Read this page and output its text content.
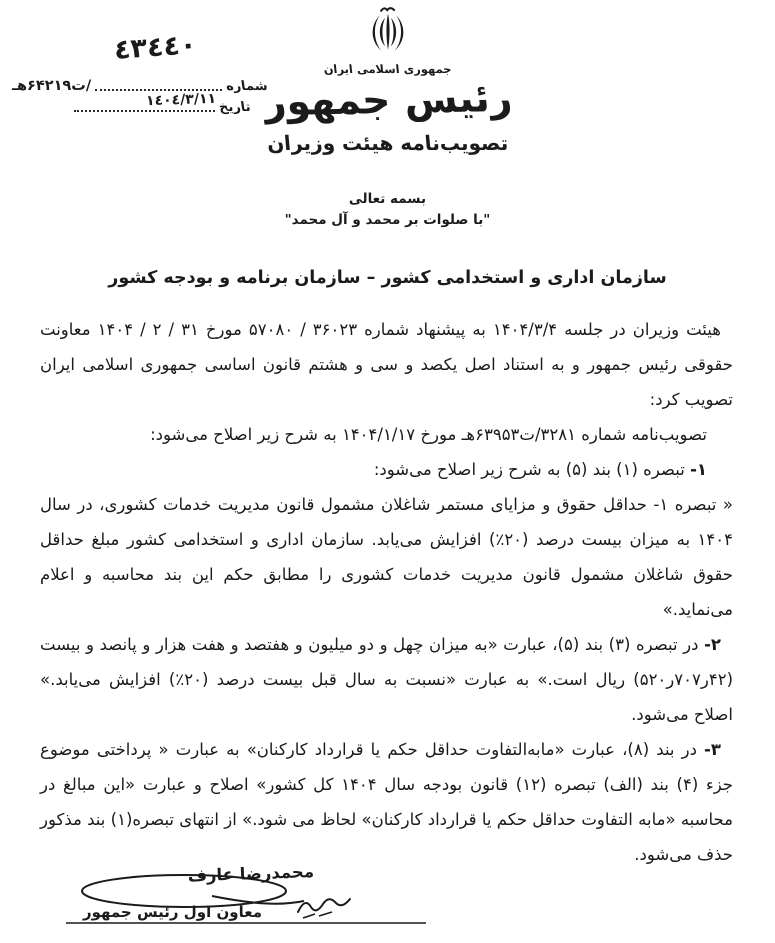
٤٣٤٤٠
شماره
/ت۶۴۲۱۹هـ
تاریخ
١٤٠٤/٣/١١
جمهوری اسلامی ایران
رئیس جمهور
تصویب‌نامه هیئت وزیران
بسمه تعالی
"با صلوات بر محمد و آل محمد"
سازمان اداری و استخدامی کشور – سازمان برنامه و بودجه کشور

هیئت وزیران در جلسه ۱۴۰۴/۳/۴ به پیشنهاد شماره ۳۶۰۲۳ / ۵۷۰۸۰ مورخ ۳۱ / ۲ / ۱۴۰۴ معاونت حقوقی رئیس جمهور و به استناد اصل یکصد و سی و هشتم قانون اساسی جمهوری اسلامی ایران تصویب کرد:

تصویب‌نامه شماره ۳۲۸۱/ت۶۳۹۵۳هـ مورخ ۱۴۰۴/۱/۱۷ به شرح زیر اصلاح می‌شود:

۱- تبصره (۱) بند (۵) به شرح زیر اصلاح می‌شود:

« تبصره ۱- حداقل حقوق و مزایای مستمر شاغلان مشمول قانون مدیریت خدمات کشوری، در سال ۱۴۰۴ به میزان بیست درصد (۲۰٪) افزایش می‌یابد. سازمان اداری و استخدامی کشور مبلغ حداقل حقوق شاغلان مشمول قانون مدیریت خدمات کشوری را مطابق حکم این بند محاسبه و اعلام می‌نماید.»

۲- در تبصره (۳) بند (۵)، عبارت «به میزان چهل و دو میلیون و هفتصد و هفت هزار و پانصد و بیست (۴۲ر۷۰۷ر۵۲۰) ریال است.» به عبارت «نسبت به سال قبل بیست درصد (۲۰٪) افزایش می‌یابد.» اصلاح می‌شود.

۳- در بند (۸)، عبارت «مابه‌التفاوت حداقل حکم یا قرارداد کارکنان» به عبارت « پرداختی موضوع جزء (۴) بند (الف) تبصره (۱۲) قانون بودجه سال ۱۴۰۴ کل کشور» اصلاح و عبارت «این مبالغ در محاسبه «مابه التفاوت حداقل حکم یا قرارداد کارکنان» لحاظ می شود.» از انتهای تبصره(۱) بند مذکور حذف می‌شود.

محمدرضا عارف
معاون اول رئیس جمهور
